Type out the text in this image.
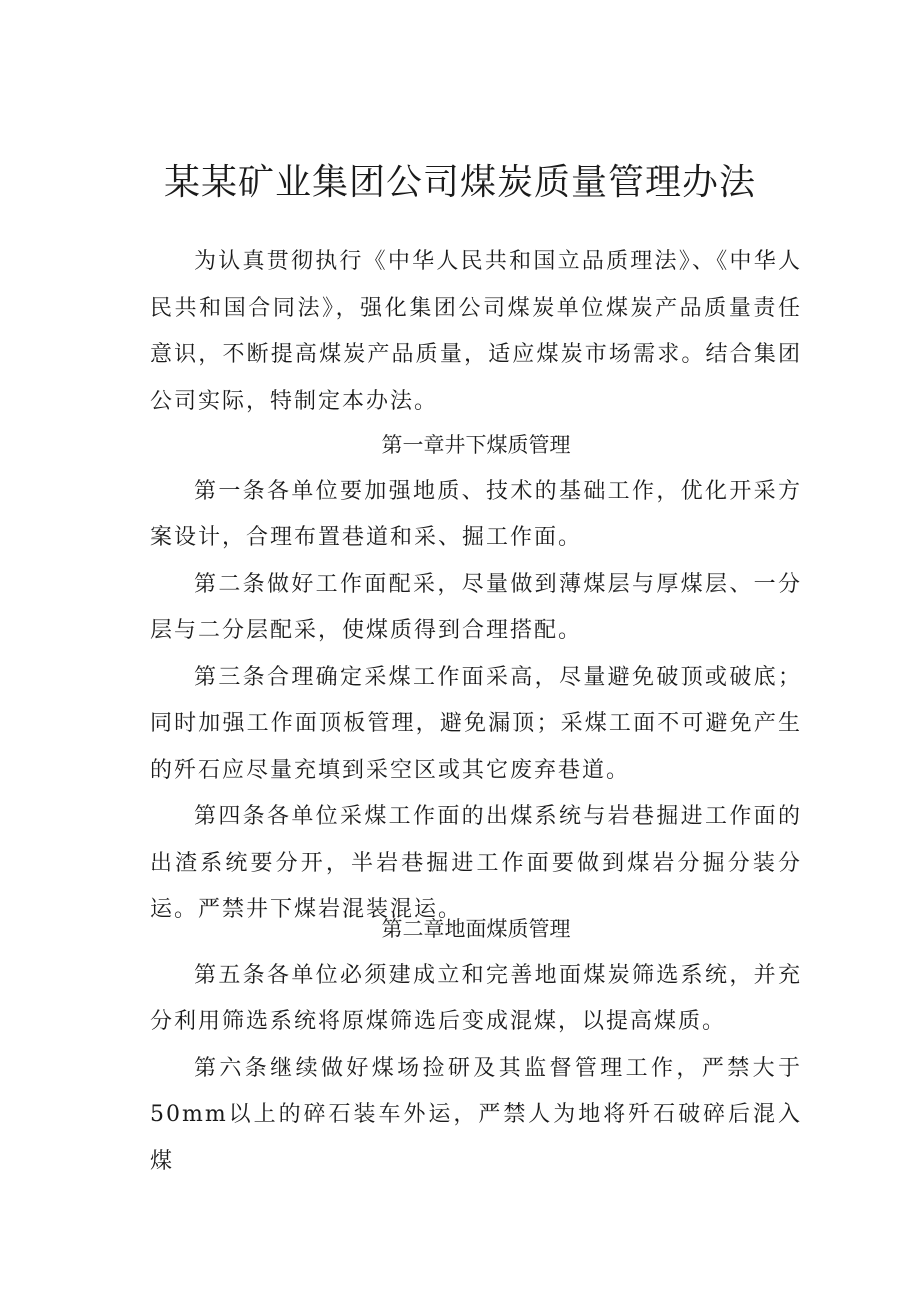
某某矿业集团公司煤炭质量管理办法

为认真贯彻执行《中华人民共和国立品质理法》、《中华人民共和国合同法》，强化集团公司煤炭单位煤炭产品质量责任意识，不断提高煤炭产品质量，适应煤炭市场需求。结合集团公司实际，特制定本办法。

第一章井下煤质管理

第一条各单位要加强地质、技术的基础工作，优化开采方案设计，合理布置巷道和采、掘工作面。

第二条做好工作面配采，尽量做到薄煤层与厚煤层、一分层与二分层配采，使煤质得到合理搭配。

第三条合理确定采煤工作面采高，尽量避免破顶或破底；同时加强工作面顶板管理，避免漏顶；采煤工面不可避免产生的歼石应尽量充填到采空区或其它废弃巷道。

第四条各单位采煤工作面的出煤系统与岩巷掘进工作面的出渣系统要分开，半岩巷掘进工作面要做到煤岩分掘分装分运。严禁井下煤岩混装混运。

第二章地面煤质管理

第五条各单位必须建成立和完善地面煤炭筛选系统，并充分利用筛选系统将原煤筛选后变成混煤，以提高煤质。

第六条继续做好煤场捡研及其监督管理工作，严禁大于50mm以上的碎石装车外运，严禁人为地将歼石破碎后混入煤
